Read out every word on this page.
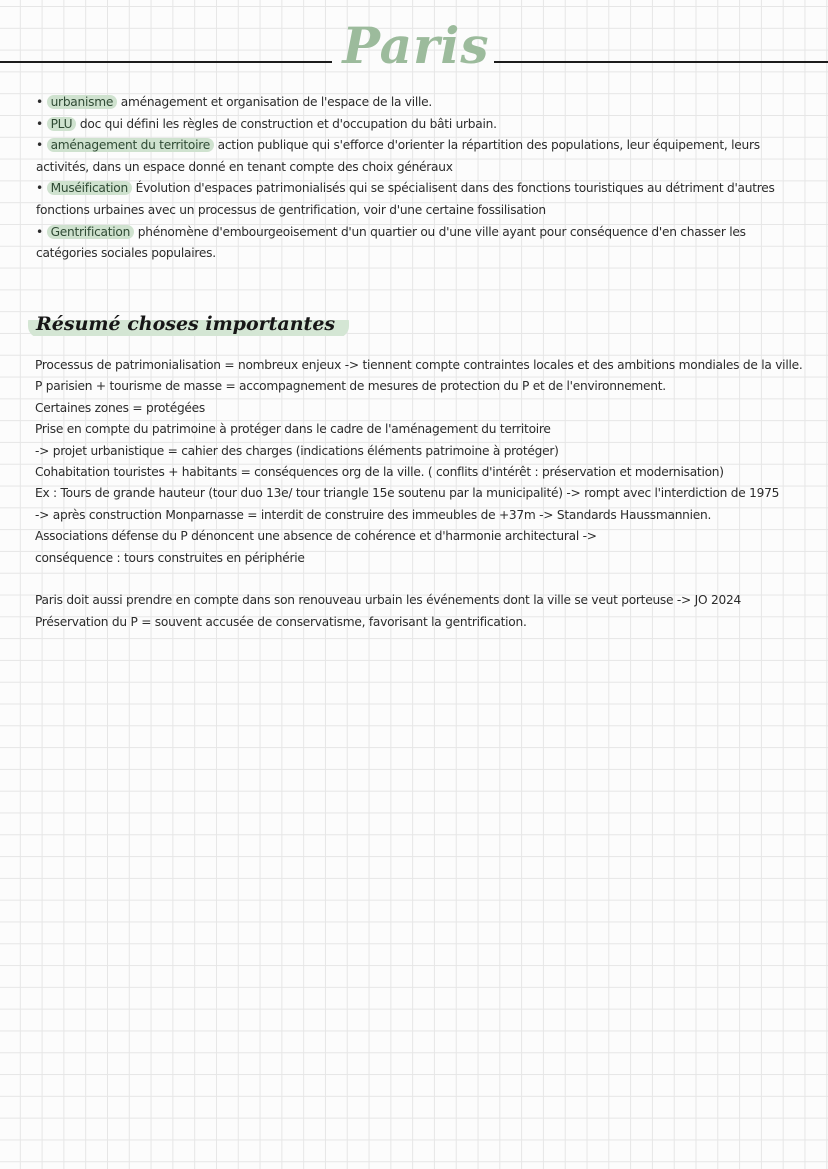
Paris

• urbanisme aménagement et organisation de l'espace de la ville.

• PLU doc qui défini les règles de construction et d'occupation du bâti urbain.

• aménagement du territoire action publique qui s'efforce d'orienter la répartition des populations, leur équipement, leurs activités, dans un espace donné en tenant compte des choix généraux

• Muséification Évolution d'espaces patrimonialisés qui se spécialisent dans des fonctions touristiques au détriment d'autres fonctions urbaines avec un processus de gentrification, voir d'une certaine fossilisation

• Gentrification phénomène d'embourgeoisement d'un quartier ou d'une ville ayant pour conséquence d'en chasser les catégories sociales populaires.

Résumé choses importantes

Processus de patrimonialisation = nombreux enjeux -> tiennent compte contraintes locales et des ambitions mondiales de la ville.

P parisien + tourisme de masse = accompagnement de mesures de protection du P et de l'environnement.

Certaines zones = protégées

Prise en compte du patrimoine à protéger dans le cadre de l'aménagement du territoire

-> projet urbanistique = cahier des charges (indications éléments patrimoine à protéger)

Cohabitation touristes + habitants = conséquences org de la ville. ( conflits d'intérêt : préservation et modernisation)

Ex : Tours de grande hauteur (tour duo 13e/ tour triangle 15e soutenu par la municipalité) -> rompt avec l'interdiction de 1975

-> après construction Monparnasse = interdit de construire des immeubles de +37m -> Standards Haussmannien.

Associations défense du P dénoncent une absence de cohérence et d'harmonie architectural ->

conséquence : tours construites en périphérie

Paris doit aussi prendre en compte dans son renouveau urbain les événements dont la ville se veut porteuse -> JO 2024

Préservation du P = souvent accusée de conservatisme, favorisant la gentrification.
